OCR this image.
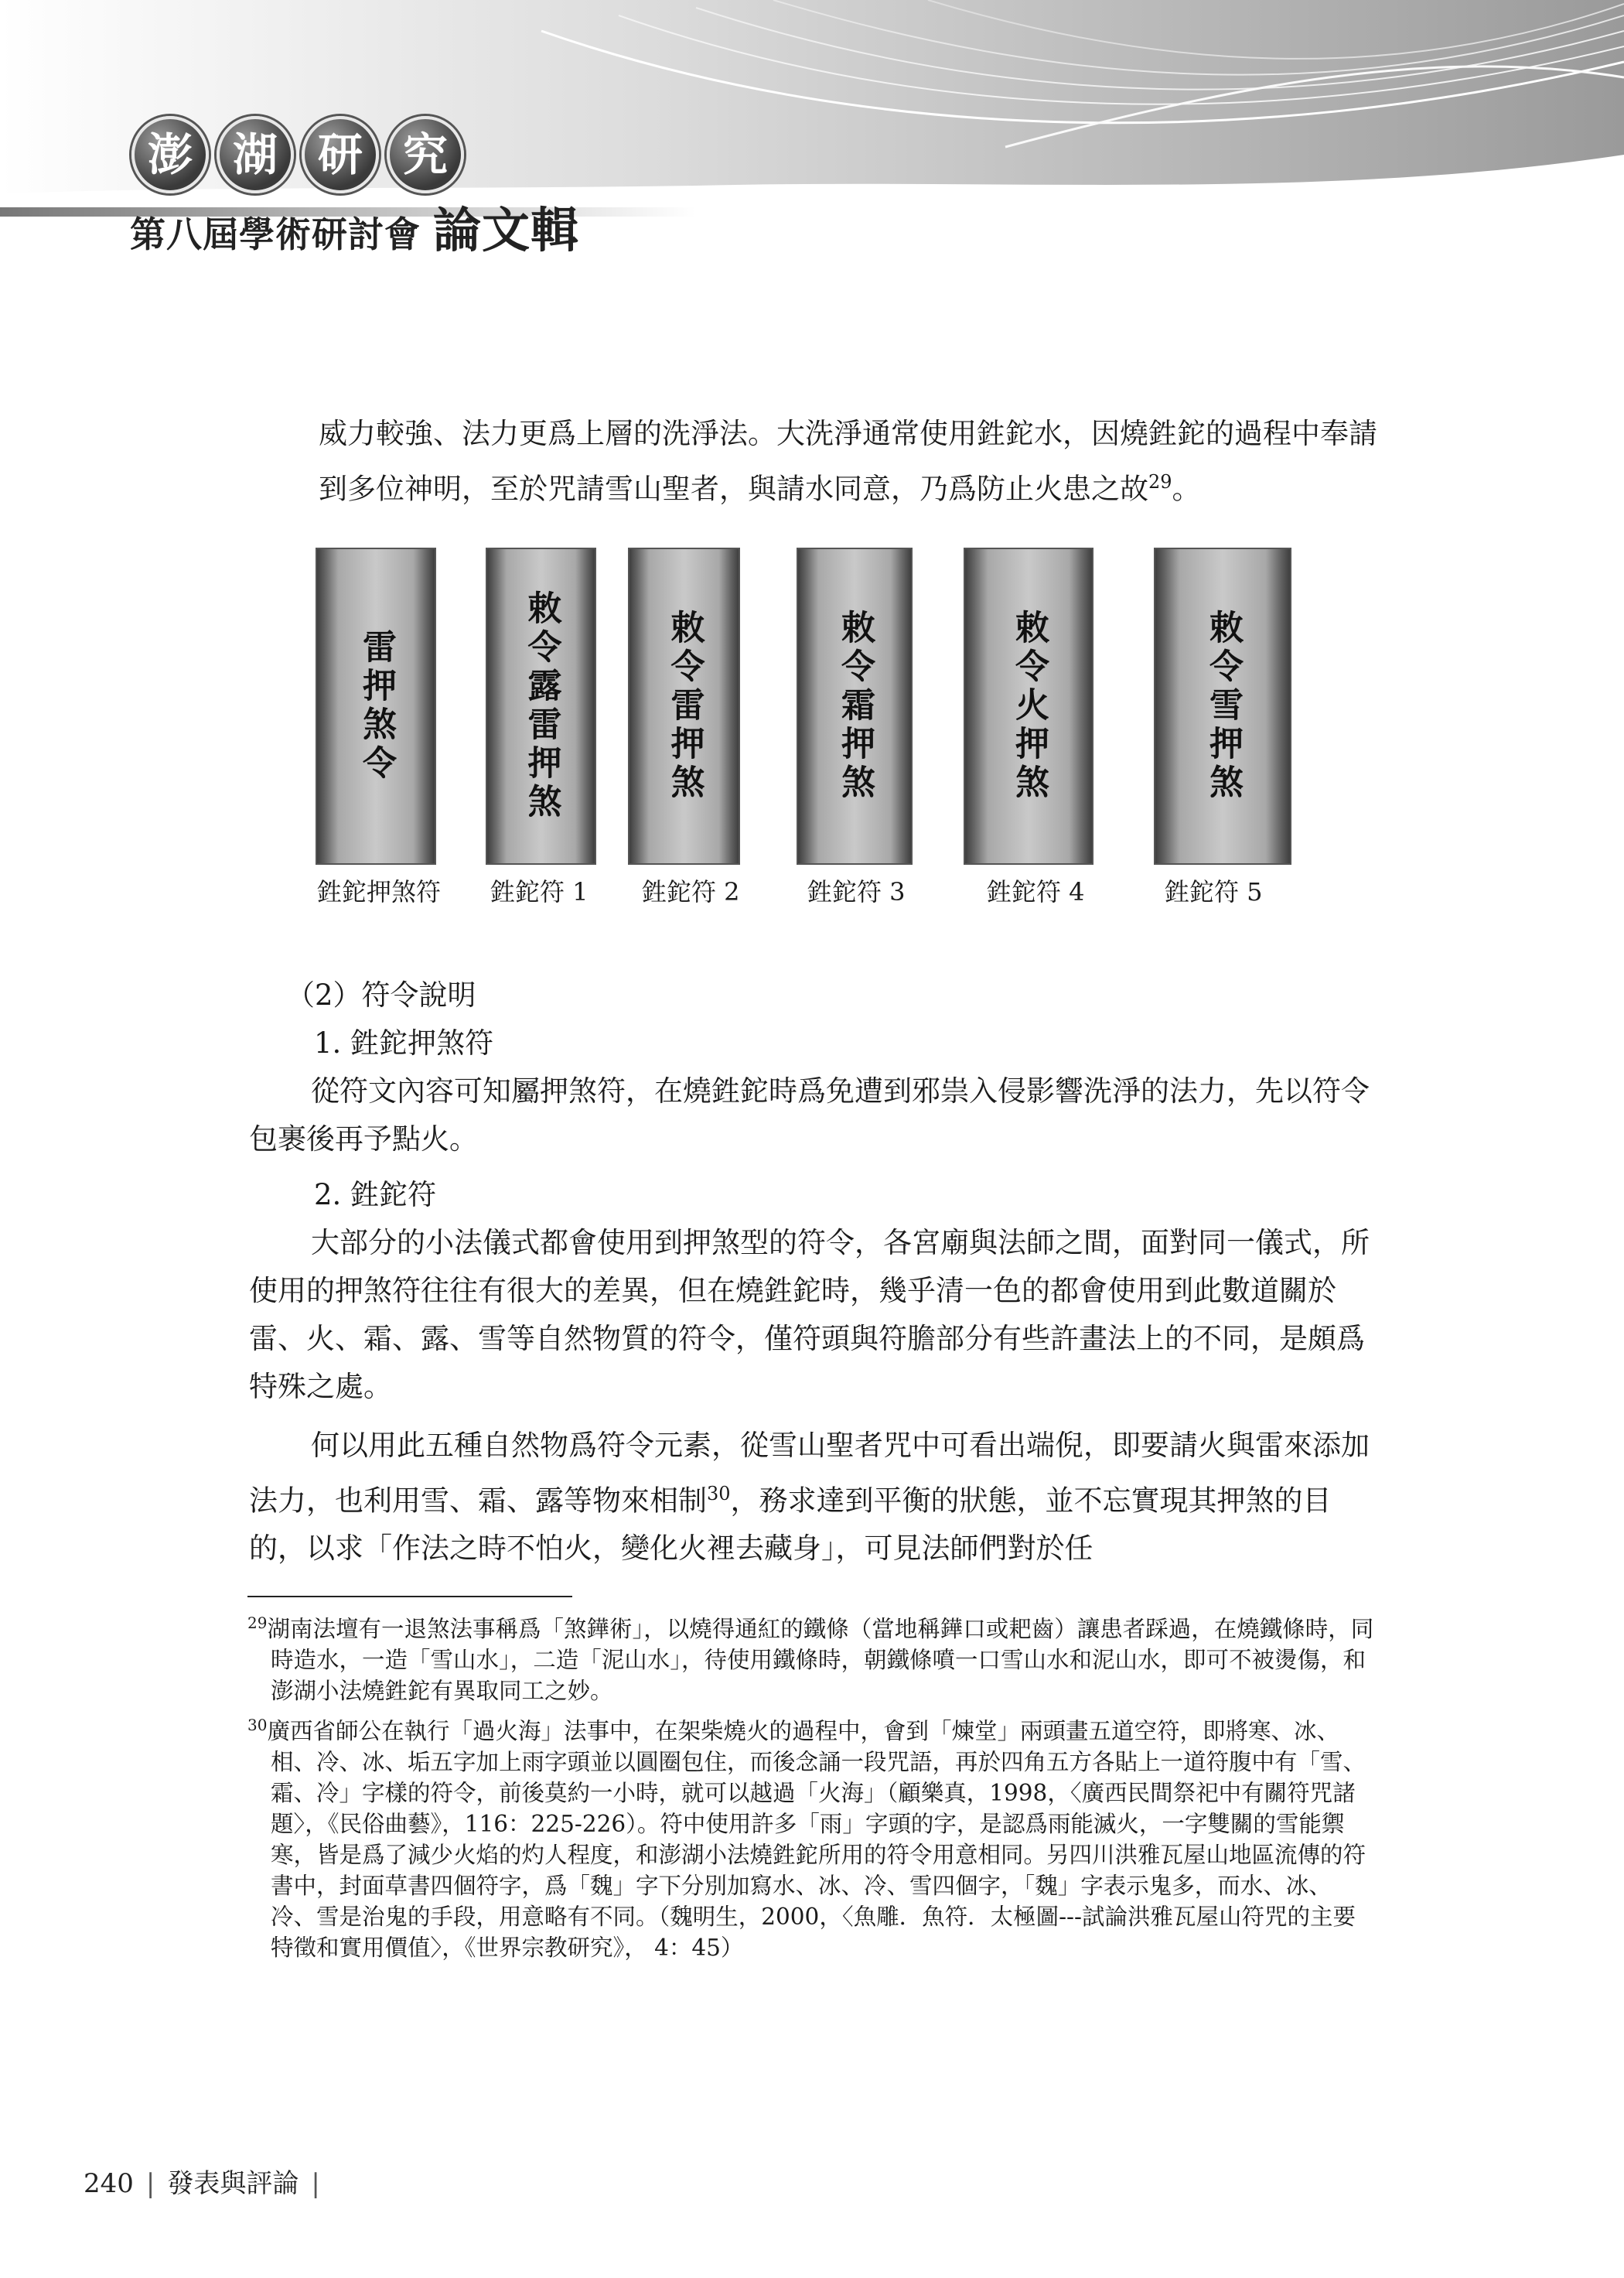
澎 湖 研 究
第八屆學術研討會 論文輯

威力較強、法力更爲上層的洗淨法。大洗淨通常使用鉎鉈水，因燒鉎鉈的過程中奉請到多位神明，至於咒請雪山聖者，與請水同意，乃爲防止火患之故$^{29}$。

雷押煞令
鉎鉈押煞符
敕令露雷押煞
鉎鉈符 1
敕令雷押煞
鉎鉈符 2
敕令霜押煞
鉎鉈符 3
敕令火押煞
鉎鉈符 4
敕令雪押煞
鉎鉈符 5

（2）符令說明

1. 鉎鉈押煞符

從符文內容可知屬押煞符，在燒鉎鉈時爲免遭到邪祟入侵影響洗淨的法力，先以符令包裹後再予點火。

2. 鉎鉈符

大部分的小法儀式都會使用到押煞型的符令，各宮廟與法師之間，面對同一儀式，所使用的押煞符往往有很大的差異，但在燒鉎鉈時，幾乎清一色的都會使用到此數道關於雷、火、霜、露、雪等自然物質的符令，僅符頭與符膽部分有些許畫法上的不同，是頗爲特殊之處。

何以用此五種自然物爲符令元素，從雪山聖者咒中可看出端倪，即要請火與雷來添加法力，也利用雪、霜、露等物來相制$^{30}$，務求達到平衡的狀態，並不忘實現其押煞的目的，以求「作法之時不怕火，變化火裡去藏身」，可見法師們對於任

$^{29}$湖南法壇有一退煞法事稱爲「煞鏵術」，以燒得通紅的鐵條（當地稱鏵口或耙齒）讓患者踩過，在燒鐵條時，同時造水，一造「雪山水」，二造「泥山水」，待使用鐵條時，朝鐵條噴一口雪山水和泥山水，即可不被燙傷，和澎湖小法燒鉎鉈有異取同工之妙。

$^{30}$廣西省師公在執行「過火海」法事中，在架柴燒火的過程中，會到「煉堂」兩頭畫五道空符，即將寒、冰、相、冷、冰、垢五字加上雨字頭並以圓圈包住，而後念誦一段咒語，再於四角五方各貼上一道符腹中有「雪、霜、冷」字樣的符令，前後莫約一小時，就可以越過「火海」（顧樂真，1998，〈廣西民間祭祀中有關符咒諸題〉，《民俗曲藝》，116：225-226）。符中使用許多「雨」字頭的字，是認爲雨能滅火，一字雙關的雪能禦寒，皆是爲了減少火焰的灼人程度，和澎湖小法燒鉎鉈所用的符令用意相同。另四川洪雅瓦屋山地區流傳的符書中，封面草書四個符字，爲「魏」字下分別加寫水、冰、冷、雪四個字，「魏」字表示鬼多，而水、冰、冷、雪是治鬼的手段，用意略有不同。（魏明生，2000，〈魚雕．魚符．太極圖---試論洪雅瓦屋山符咒的主要特徵和實用價值〉，《世界宗教研究》， 4：45）

240 | 發表與評論 |
